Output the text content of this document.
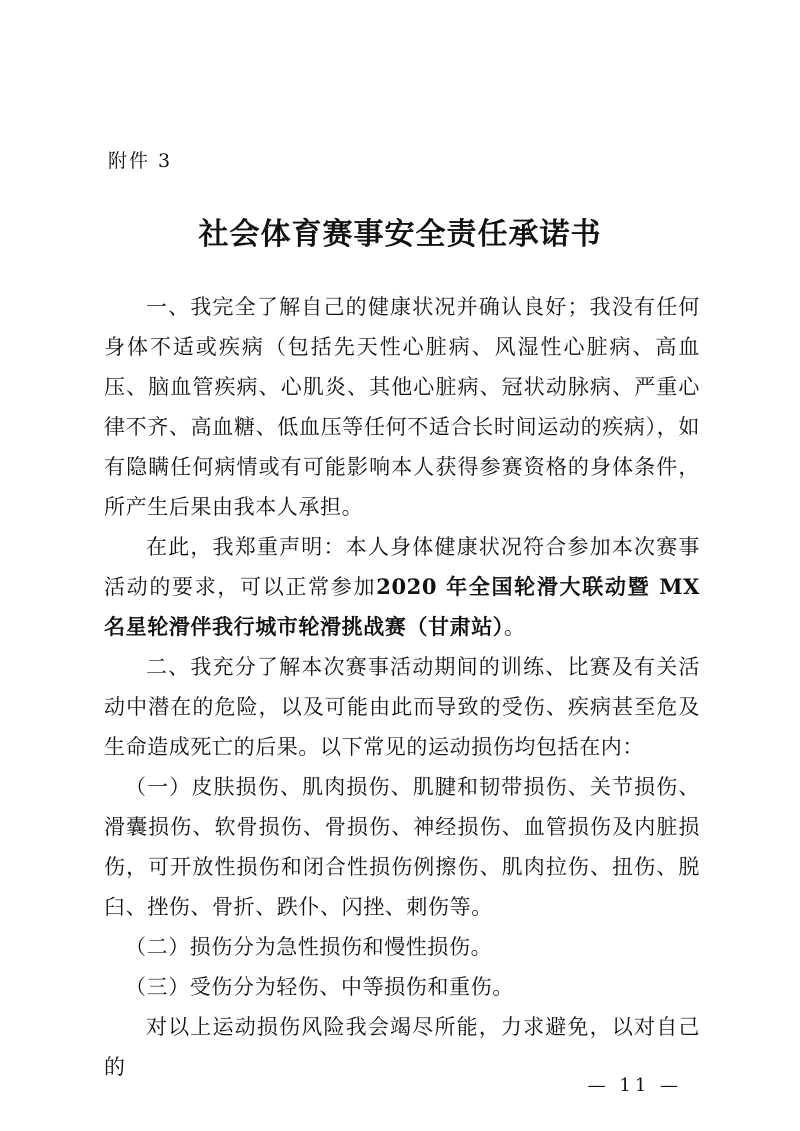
附件 3
社会体育赛事安全责任承诺书

一、我完全了解自己的健康状况并确认良好；我没有任何身体不适或疾病（包括先天性心脏病、风湿性心脏病、高血压、脑血管疾病、心肌炎、其他心脏病、冠状动脉病、严重心律不齐、高血糖、低血压等任何不适合长时间运动的疾病），如有隐瞒任何病情或有可能影响本人获得参赛资格的身体条件，所产生后果由我本人承担。

在此，我郑重声明：本人身体健康状况符合参加本次赛事活动的要求，可以正常参加2020 年全国轮滑大联动暨 MX 名星轮滑伴我行城市轮滑挑战赛（甘肃站）。

二、我充分了解本次赛事活动期间的训练、比赛及有关活动中潜在的危险，以及可能由此而导致的受伤、疾病甚至危及生命造成死亡的后果。以下常见的运动损伤均包括在内：

（一）皮肤损伤、肌肉损伤、肌腱和韧带损伤、关节损伤、 滑囊损伤、软骨损伤、骨损伤、神经损伤、血管损伤及内脏损 伤，可开放性损伤和闭合性损伤例擦伤、肌肉拉伤、扭伤、脱 臼、挫伤、骨折、跌仆、闪挫、刺伤等。

（二）损伤分为急性损伤和慢性损伤。

（三）受伤分为轻伤、中等损伤和重伤。

对以上运动损伤风险我会竭尽所能，力求避免，以对自己的

— 11 —
